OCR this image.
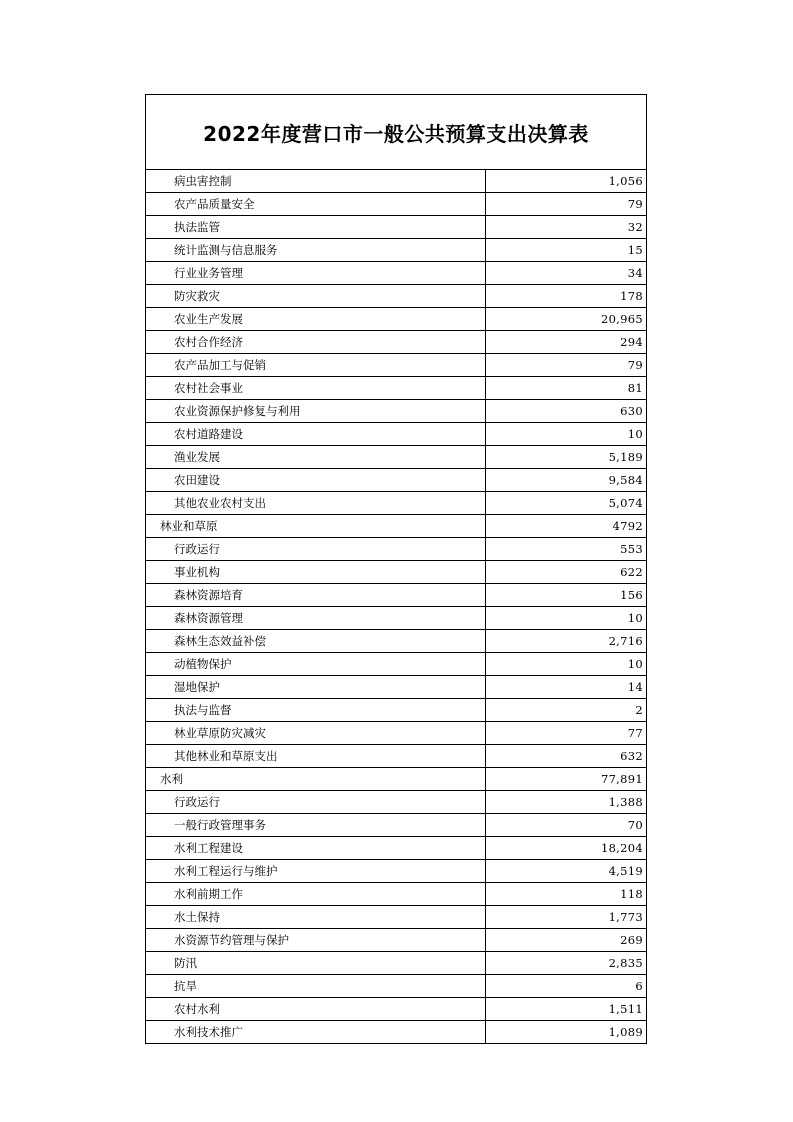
2022年度营口市一般公共预算支出决算表
病虫害控制	1,056
农产品质量安全	79
执法监管	32
统计监测与信息服务	15
行业业务管理	34
防灾救灾	178
农业生产发展	20,965
农村合作经济	294
农产品加工与促销	79
农村社会事业	81
农业资源保护修复与利用	630
农村道路建设	10
渔业发展	5,189
农田建设	9,584
其他农业农村支出	5,074
林业和草原	4792
行政运行	553
事业机构	622
森林资源培育	156
森林资源管理	10
森林生态效益补偿	2,716
动植物保护	10
湿地保护	14
执法与监督	2
林业草原防灾减灾	77
其他林业和草原支出	632
水利	77,891
行政运行	1,388
一般行政管理事务	70
水利工程建设	18,204
水利工程运行与维护	4,519
水利前期工作	118
水土保持	1,773
水资源节约管理与保护	269
防汛	2,835
抗旱	6
农村水利	1,511
水利技术推广	1,089
